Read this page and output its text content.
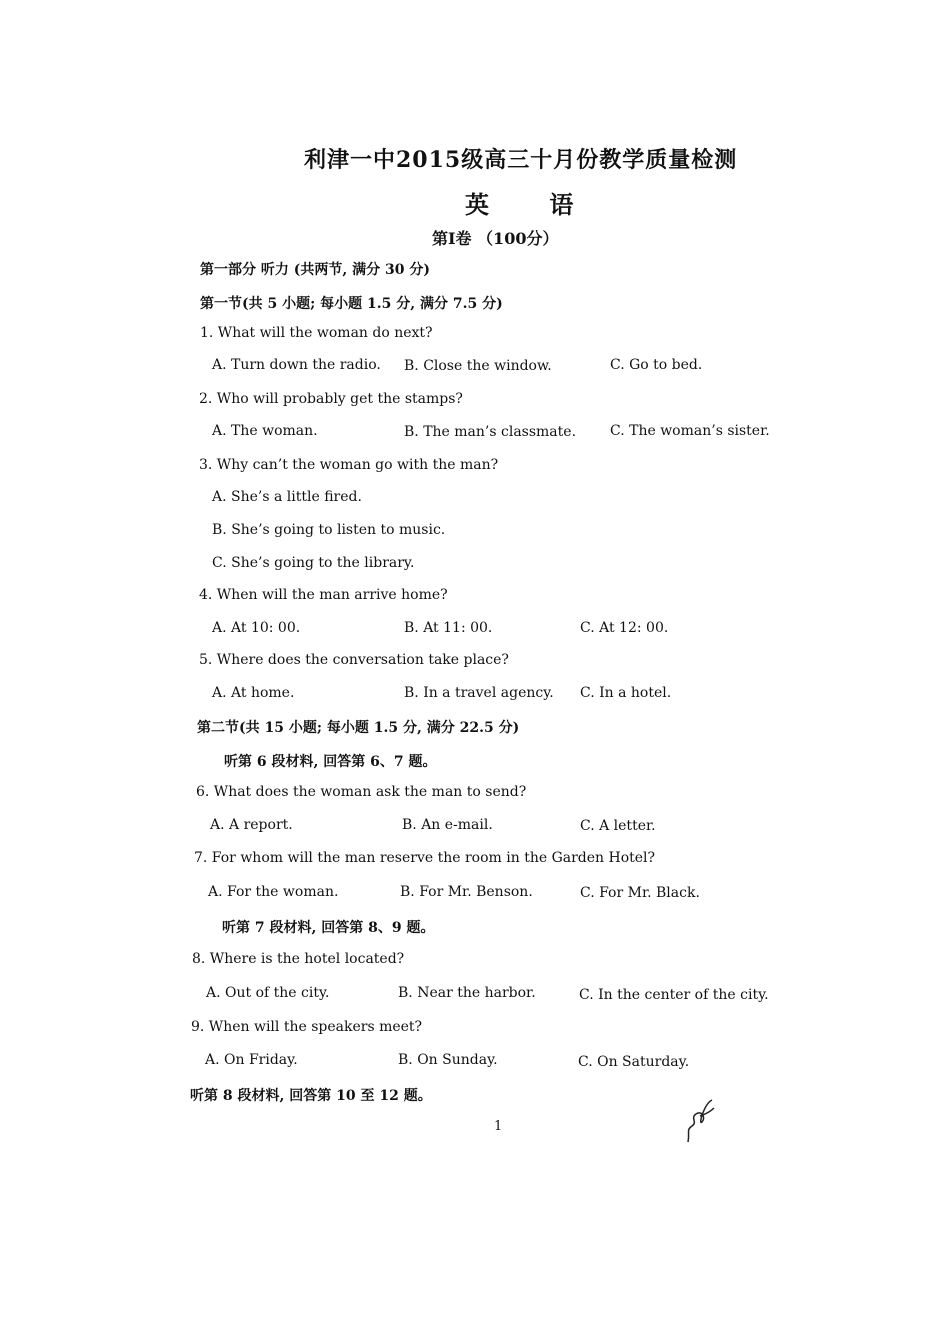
利津一中2015级高三十月份教学质量检测
英 语
第Ⅰ卷 （100分）
第一部分 听力 (共两节, 满分 30 分)
第一节(共 5 小题; 每小题 1.5 分, 满分 7.5 分)
1. What will the woman do next?
A. Turn down the radio. B. Close the window.	C. Go to bed.
2. Who will probably get the stamps?
A. The woman.	B. The man’s classmate. C. The woman’s sister.
3. Why can’t the woman go with the man?
A. She’s a little fired.
B. She’s going to listen to music.
C. She’s going to the library.
4. When will the man arrive home?
A. At 10: 00.	B. At 11: 00.	C. At 12: 00.
5. Where does the conversation take place?
A. At home.	B. In a travel agency. C. In a hotel.
第二节(共 15 小题; 每小题 1.5 分, 满分 22.5 分)
听第 6 段材料, 回答第 6、7 题。
6. What does the woman ask the man to send?
A. A report.	B. An e-mail.	C. A letter.
7. For whom will the man reserve the room in the Garden Hotel?
A. For the woman.	B. For Mr. Benson.	C. For Mr. Black.
听第 7 段材料, 回答第 8、9 题。
8. Where is the hotel located?
A. Out of the city.	B. Near the harbor.	C. In the center of the city.
9. When will the speakers meet?
A. On Friday.	B. On Sunday.	C. On Saturday.
听第 8 段材料, 回答第 10 至 12 题。
1
